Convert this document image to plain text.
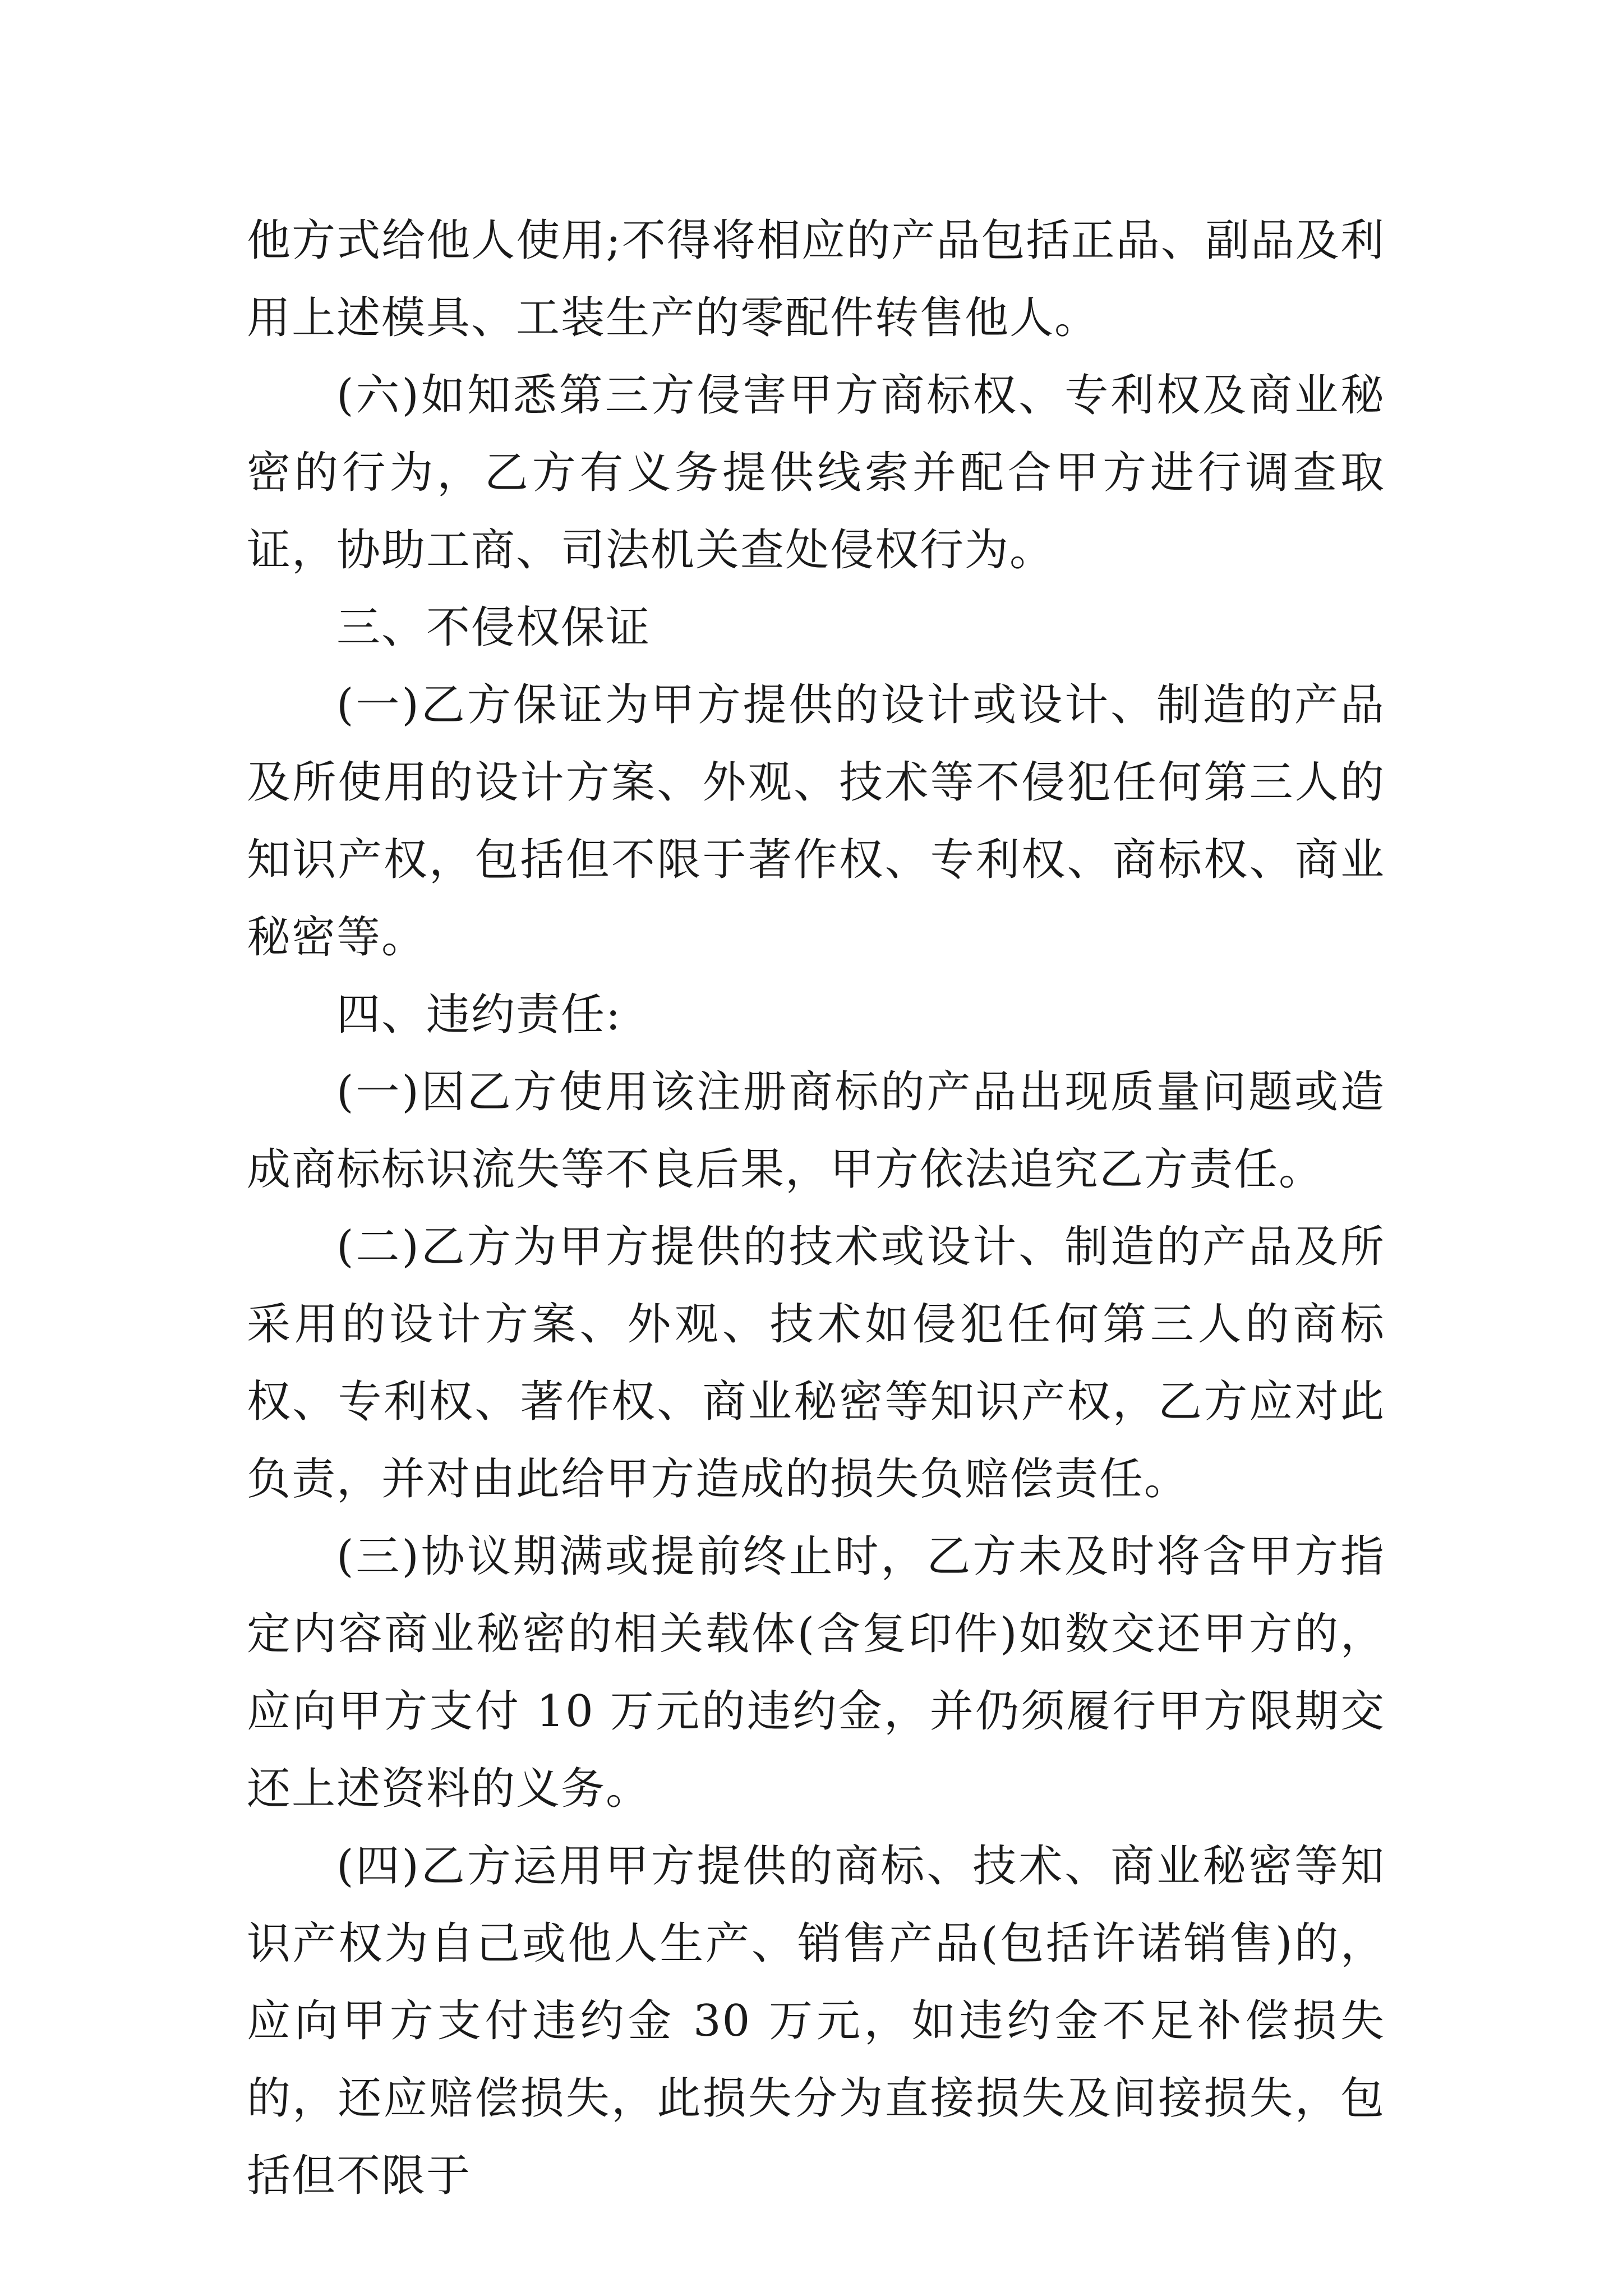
他方式给他人使用;不得将相应的产品包括正品、副品及利用上述模具、工装生产的零配件转售他人。

(六)如知悉第三方侵害甲方商标权、专利权及商业秘密的行为，乙方有义务提供线索并配合甲方进行调查取证，协助工商、司法机关查处侵权行为。

三、不侵权保证

(一)乙方保证为甲方提供的设计或设计、制造的产品及所使用的设计方案、外观、技术等不侵犯任何第三人的知识产权，包括但不限于著作权、专利权、商标权、商业秘密等。

四、违约责任:

(一)因乙方使用该注册商标的产品出现质量问题或造成商标标识流失等不良后果，甲方依法追究乙方责任。

(二)乙方为甲方提供的技术或设计、制造的产品及所采用的设计方案、外观、技术如侵犯任何第三人的商标权、专利权、著作权、商业秘密等知识产权，乙方应对此负责，并对由此给甲方造成的损失负赔偿责任。

(三)协议期满或提前终止时，乙方未及时将含甲方指定内容商业秘密的相关载体(含复印件)如数交还甲方的，应向甲方支付 10 万元的违约金，并仍须履行甲方限期交还上述资料的义务。

(四)乙方运用甲方提供的商标、技术、商业秘密等知识产权为自己或他人生产、销售产品(包括许诺销售)的，应向甲方支付违约金 30 万元，如违约金不足补偿损失的，还应赔偿损失，此损失分为直接损失及间接损失，包括但不限于
